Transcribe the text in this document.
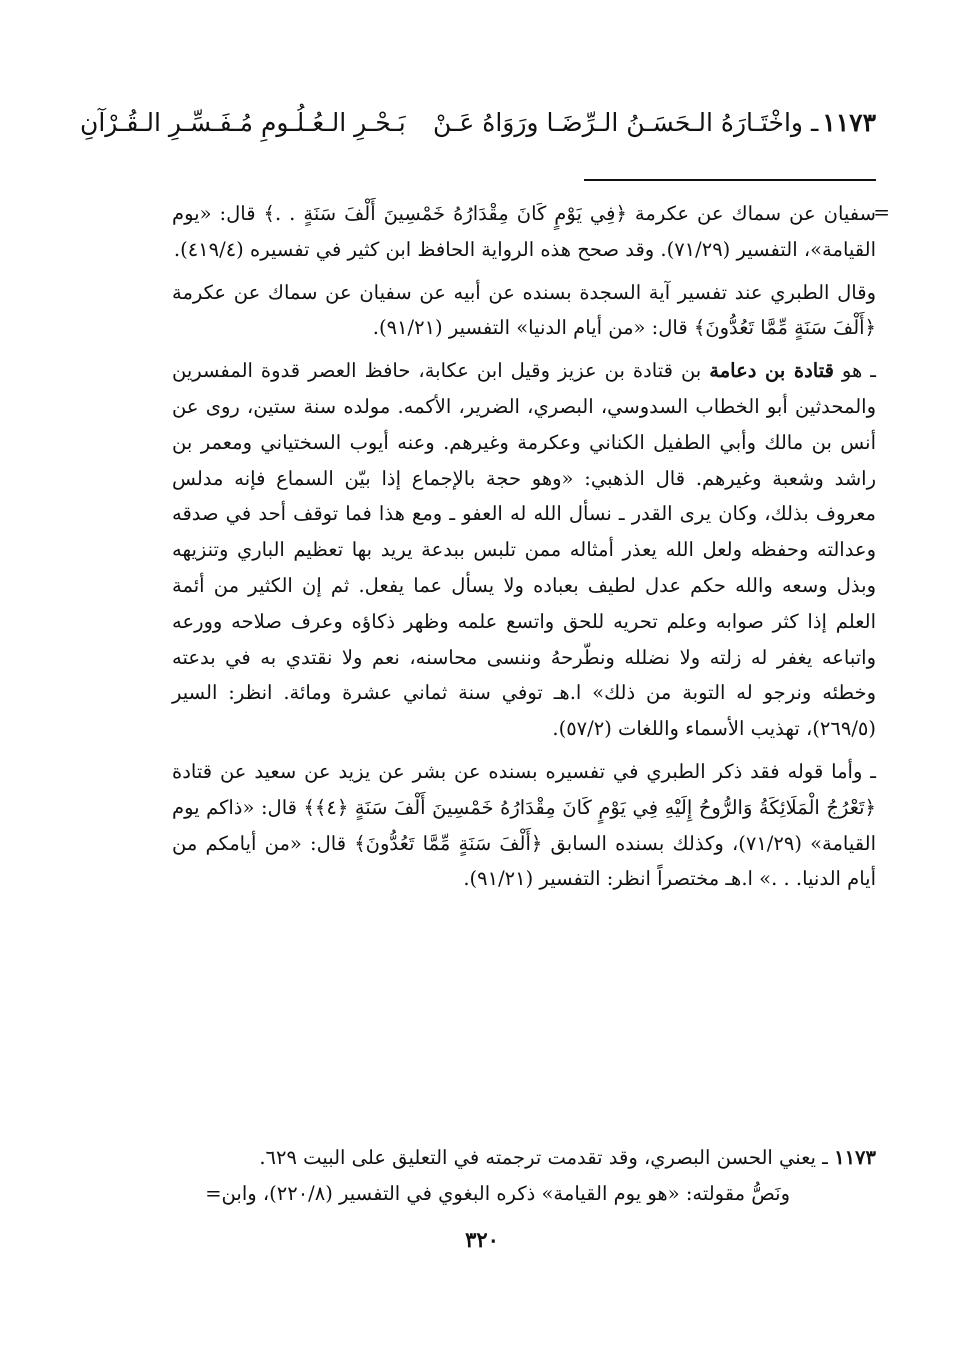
١١٧٣ـ واخْتَـارَهُ الـحَسَـنُ الـرِّضَـا ورَوَاهُ عَـنْ
بَـحْـرِ الـعُـلُـومِ مُـفَـسِّـرِ الـقُـرْآنِ
=

سفيان عن سماك عن عكرمة ﴿فِي يَوْمٍ كَانَ مِقْدَارُهُ خَمْسِينَ أَلْفَ سَنَةٍ . .﴾ قال: «يوم القيامة»، التفسير (٧١/٢٩). وقد صحح هذه الرواية الحافظ ابن كثير في تفسيره (٤١٩/٤).

وقال الطبري عند تفسير آية السجدة بسنده عن أبيه عن سفيان عن سماك عن عكرمة ﴿أَلْفَ سَنَةٍ مِّمَّا تَعُدُّونَ﴾ قال: «من أيام الدنيا» التفسير (٩١/٢١).

ـ هو قتادة بن دعامة بن قتادة بن عزيز وقيل ابن عكابة، حافظ العصر قدوة المفسرين والمحدثين أبو الخطاب السدوسي، البصري، الضرير، الأكمه. مولده سنة ستين، روى عن أنس بن مالك وأبي الطفيل الكناني وعكرمة وغيرهم. وعنه أيوب السختياني ومعمر بن راشد وشعبة وغيرهم. قال الذهبي: «وهو حجة بالإجماع إذا بيّن السماع فإنه مدلس معروف بذلك، وكان يرى القدر ـ نسأل الله له العفو ـ ومع هذا فما توقف أحد في صدقه وعدالته وحفظه ولعل الله يعذر أمثاله ممن تلبس ببدعة يريد بها تعظيم الباري وتنزيهه وبذل وسعه والله حكم عدل لطيف بعباده ولا يسأل عما يفعل. ثم إن الكثير من أئمة العلم إذا كثر صوابه وعلم تحريه للحق واتسع علمه وظهر ذكاؤه وعرف صلاحه وورعه واتباعه يغفر له زلته ولا نضلله ونطّرحهُ وننسى محاسنه، نعم ولا نقتدي به في بدعته وخطئه ونرجو له التوبة من ذلك» ا.هـ توفي سنة ثماني عشرة ومائة. انظر: السير (٢٦٩/٥)، تهذيب الأسماء واللغات (٥٧/٢).

ـ وأما قوله فقد ذكر الطبري في تفسيره بسنده عن بشر عن يزيد عن سعيد عن قتادة ﴿تَعْرُجُ الْمَلَائِكَةُ وَالرُّوحُ إِلَيْهِ فِي يَوْمٍ كَانَ مِقْدَارُهُ خَمْسِينَ أَلْفَ سَنَةٍ ﴿٤﴾﴾ قال: «ذاكم يوم القيامة» (٧١/٢٩)، وكذلك بسنده السابق ﴿أَلْفَ سَنَةٍ مِّمَّا تَعُدُّونَ﴾ قال: «من أيامكم من أيام الدنيا. . .» ا.هـ مختصراً انظر: التفسير (٩١/٢١).

١١٧٣ ـ يعني الحسن البصري، وقد تقدمت ترجمته في التعليق على البيت ٦٢٩.
ونَصُّ مقولته: «هو يوم القيامة» ذكره البغوي في التفسير (٢٢٠/٨)، وابن=
٣٢٠
